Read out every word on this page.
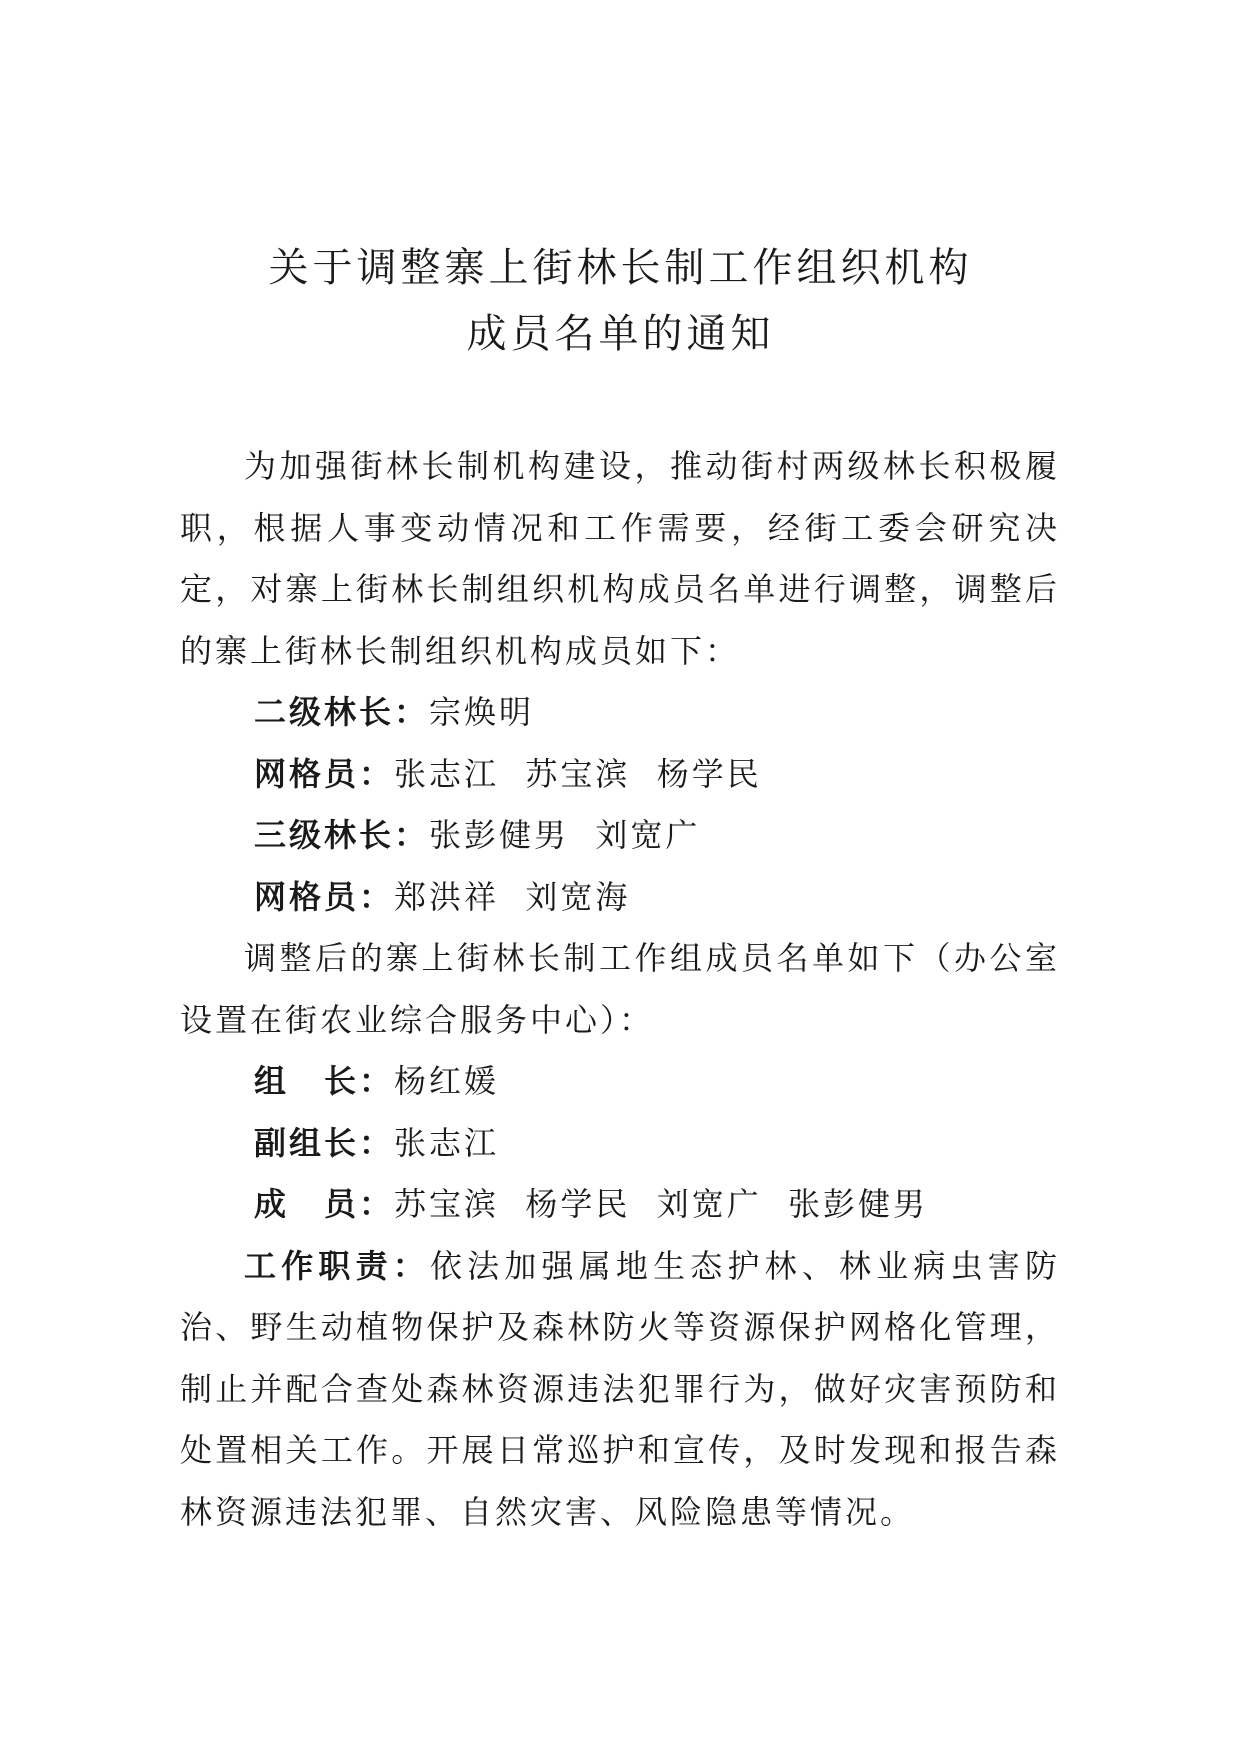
关于调整寨上街林长制工作组织机构
成员名单的通知

为加强街林长制机构建设，推动街村两级林长积极履职，根据人事变动情况和工作需要，经街工委会研究决定，对寨上街林长制组织机构成员名单进行调整，调整后的寨上街林长制组织机构成员如下：

二级林长：宗焕明
网格员：张志江  苏宝滨  杨学民
三级林长：张彭健男  刘宽广
网格员：郑洪祥  刘宽海

调整后的寨上街林长制工作组成员名单如下（办公室设置在街农业综合服务中心）：

组　长：杨红媛
副组长：张志江
成　员：苏宝滨  杨学民  刘宽广  张彭健男

工作职责：依法加强属地生态护林、林业病虫害防治、野生动植物保护及森林防火等资源保护网格化管理，制止并配合查处森林资源违法犯罪行为，做好灾害预防和处置相关工作。开展日常巡护和宣传，及时发现和报告森林资源违法犯罪、自然灾害、风险隐患等情况。
